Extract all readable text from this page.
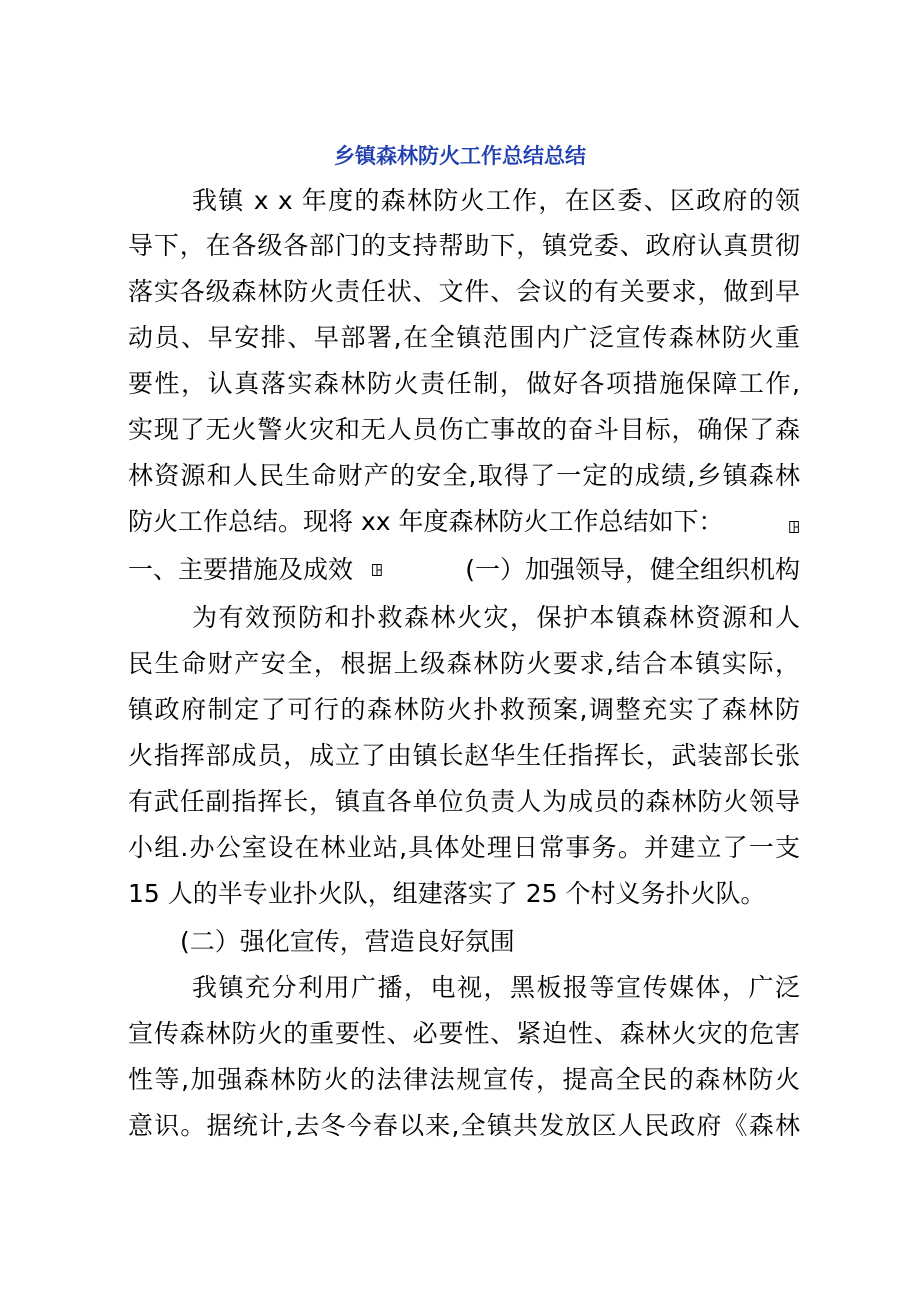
乡镇森林防火工作总结总结
我镇 x x 年度的森林防火工作，在区委、区政府的领
导下，在各级各部门的支持帮助下，镇党委、政府认真贯彻
落实各级森林防火责任状、文件、会议的有关要求，做到早
动员、早安排、早部署,在全镇范围内广泛宣传森林防火重
要性，认真落实森林防火责任制，做好各项措施保障工作,
实现了无火警火灾和无人员伤亡事故的奋斗目标，确保了森
林资源和人民生命财产的安全,取得了一定的成绩,乡镇森林
防火工作总结。现将 xx 年度森林防火工作总结如下：	ꖸ
一、主要措施及成效 ꖸ	(一）加强领导，健全组织机构
为有效预防和扑救森林火灾，保护本镇森林资源和人
民生命财产安全，根据上级森林防火要求,结合本镇实际，
镇政府制定了可行的森林防火扑救预案,调整充实了森林防
火指挥部成员，成立了由镇长赵华生任指挥长，武装部长张
有武任副指挥长，镇直各单位负责人为成员的森林防火领导
小组.办公室设在林业站,具体处理日常事务。并建立了一支
15 人的半专业扑火队，组建落实了 25 个村义务扑火队。
(二）强化宣传，营造良好氛围
我镇充分利用广播，电视，黑板报等宣传媒体，广泛
宣传森林防火的重要性、必要性、紧迫性、森林火灾的危害
性等,加强森林防火的法律法规宣传，提高全民的森林防火
意识。据统计,去冬今春以来,全镇共发放区人民政府《森林
